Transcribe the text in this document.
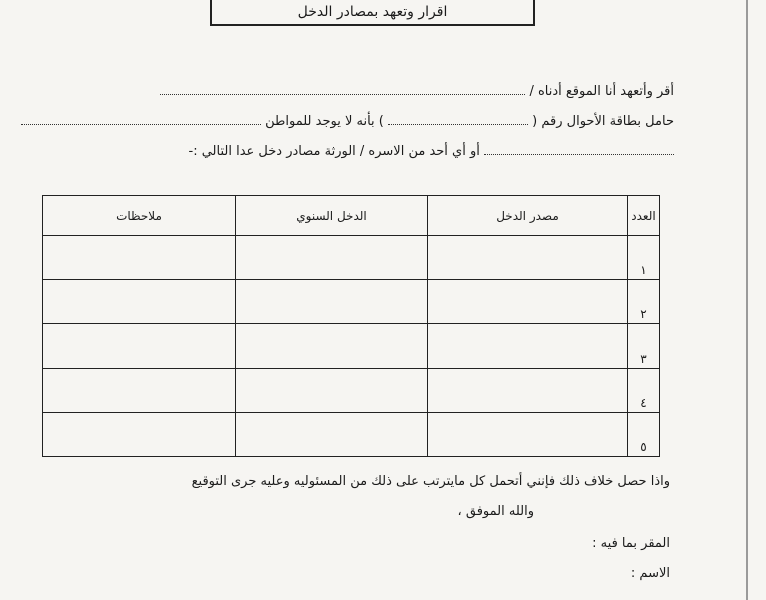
اقرار وتعهد بمصادر الدخل
أقر وأتعهد أنا الموقع أدناه /
حامل بطاقة الأحوال رقم (  ) بأنه لا يوجد للمواطن
أو أي أحد من الاسره / الورثة مصادر دخل عدا التالي :-
العدد	مصدر الدخل	الدخل السنوي	ملاحظات
١			
٢			
٣			
٤			
٥			
واذا حصل خلاف ذلك فإنني أتحمل كل مايترتب على ذلك من المسئوليه وعليه جرى التوقيع
والله الموفق ،
المقر بما فيه :
الاسم :
